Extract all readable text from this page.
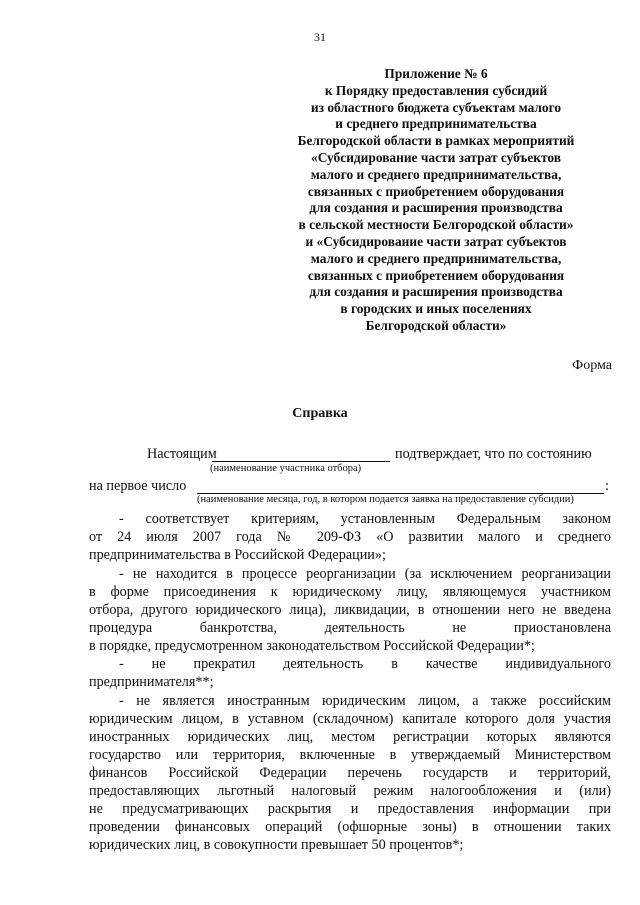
31
Приложение № 6
к Порядку предоставления субсидий
из областного бюджета субъектам малого
и среднего предпринимательства
Белгородской области в рамках мероприятий
«Субсидирование части затрат субъектов
малого и среднего предпринимательства,
связанных с приобретением оборудования
для создания и расширения производства
в сельской местности Белгородской области»
и «Субсидирование части затрат субъектов
малого и среднего предпринимательства,
связанных с приобретением оборудования
для создания и расширения производства
в городских и иных поселениях
Белгородской области»
Форма
Справка
Настоящим	подтверждает, что по состоянию
(наименование участника отбора)
на первое число	:
(наименование месяца, год, в котором подается заявка на предоставление субсидии)
- соответствует критериям, установленным Федеральным законом
от 24 июля 2007 года № 209-ФЗ «О развитии малого и среднего
предпринимательства в Российской Федерации»;
- не находится в процессе реорганизации (за исключением реорганизации
в форме присоединения к юридическому лицу, являющемуся участником
отбора, другого юридического лица), ликвидации, в отношении него не введена
процедура банкротства, деятельность не приостановлена
в порядке, предусмотренном законодательством Российской Федерации*;
- не прекратил деятельность в качестве индивидуального
предпринимателя**;
- не является иностранным юридическим лицом, а также российским
юридическим лицом, в уставном (складочном) капитале которого доля участия
иностранных юридических лиц, местом регистрации которых являются
государство или территория, включенные в утверждаемый Министерством
финансов Российской Федерации перечень государств и территорий,
предоставляющих льготный налоговый режим налогообложения и (или)
не предусматривающих раскрытия и предоставления информации при
проведении финансовых операций (офшорные зоны) в отношении таких
юридических лиц, в совокупности превышает 50 процентов*;
